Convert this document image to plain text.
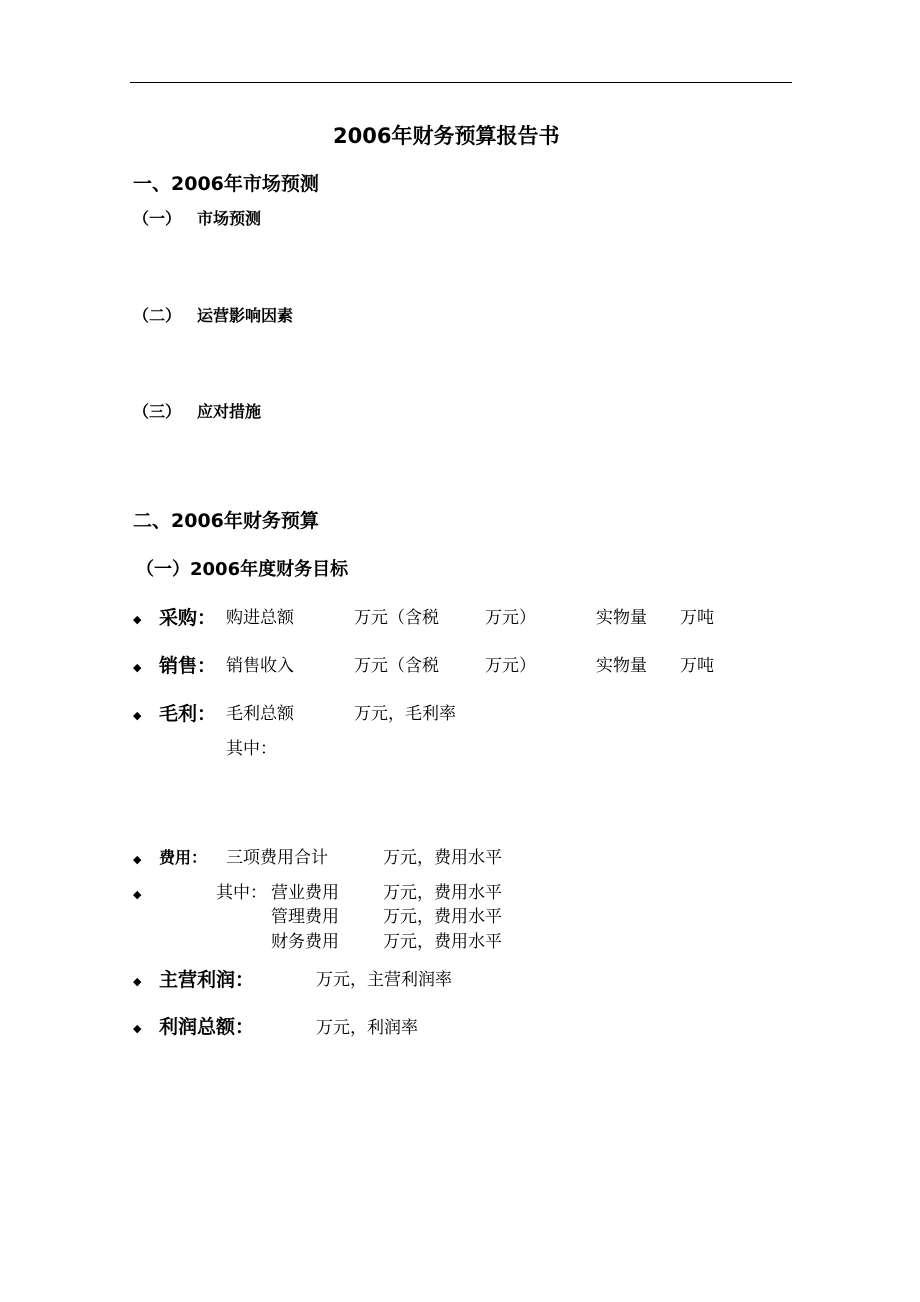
2006年财务预算报告书
一、2006年市场预测
（一） 市场预测
（二） 运营影响因素
（三） 应对措施
二、2006年财务预算
（一）2006年度财务目标
◆ 采购： 购进总额	万元（含税	万元）	实物量 万吨
◆ 销售： 销售收入	万元（含税	万元）	实物量 万吨
◆ 毛利： 毛利总额	万元，毛利率
其中：
◆ 费用： 三项费用合计	万元，费用水平
◆	其中： 营业费用	万元，费用水平
管理费用	万元，费用水平
财务费用	万元，费用水平
◆ 主营利润：	万元，主营利润率
◆ 利润总额：	万元，利润率
